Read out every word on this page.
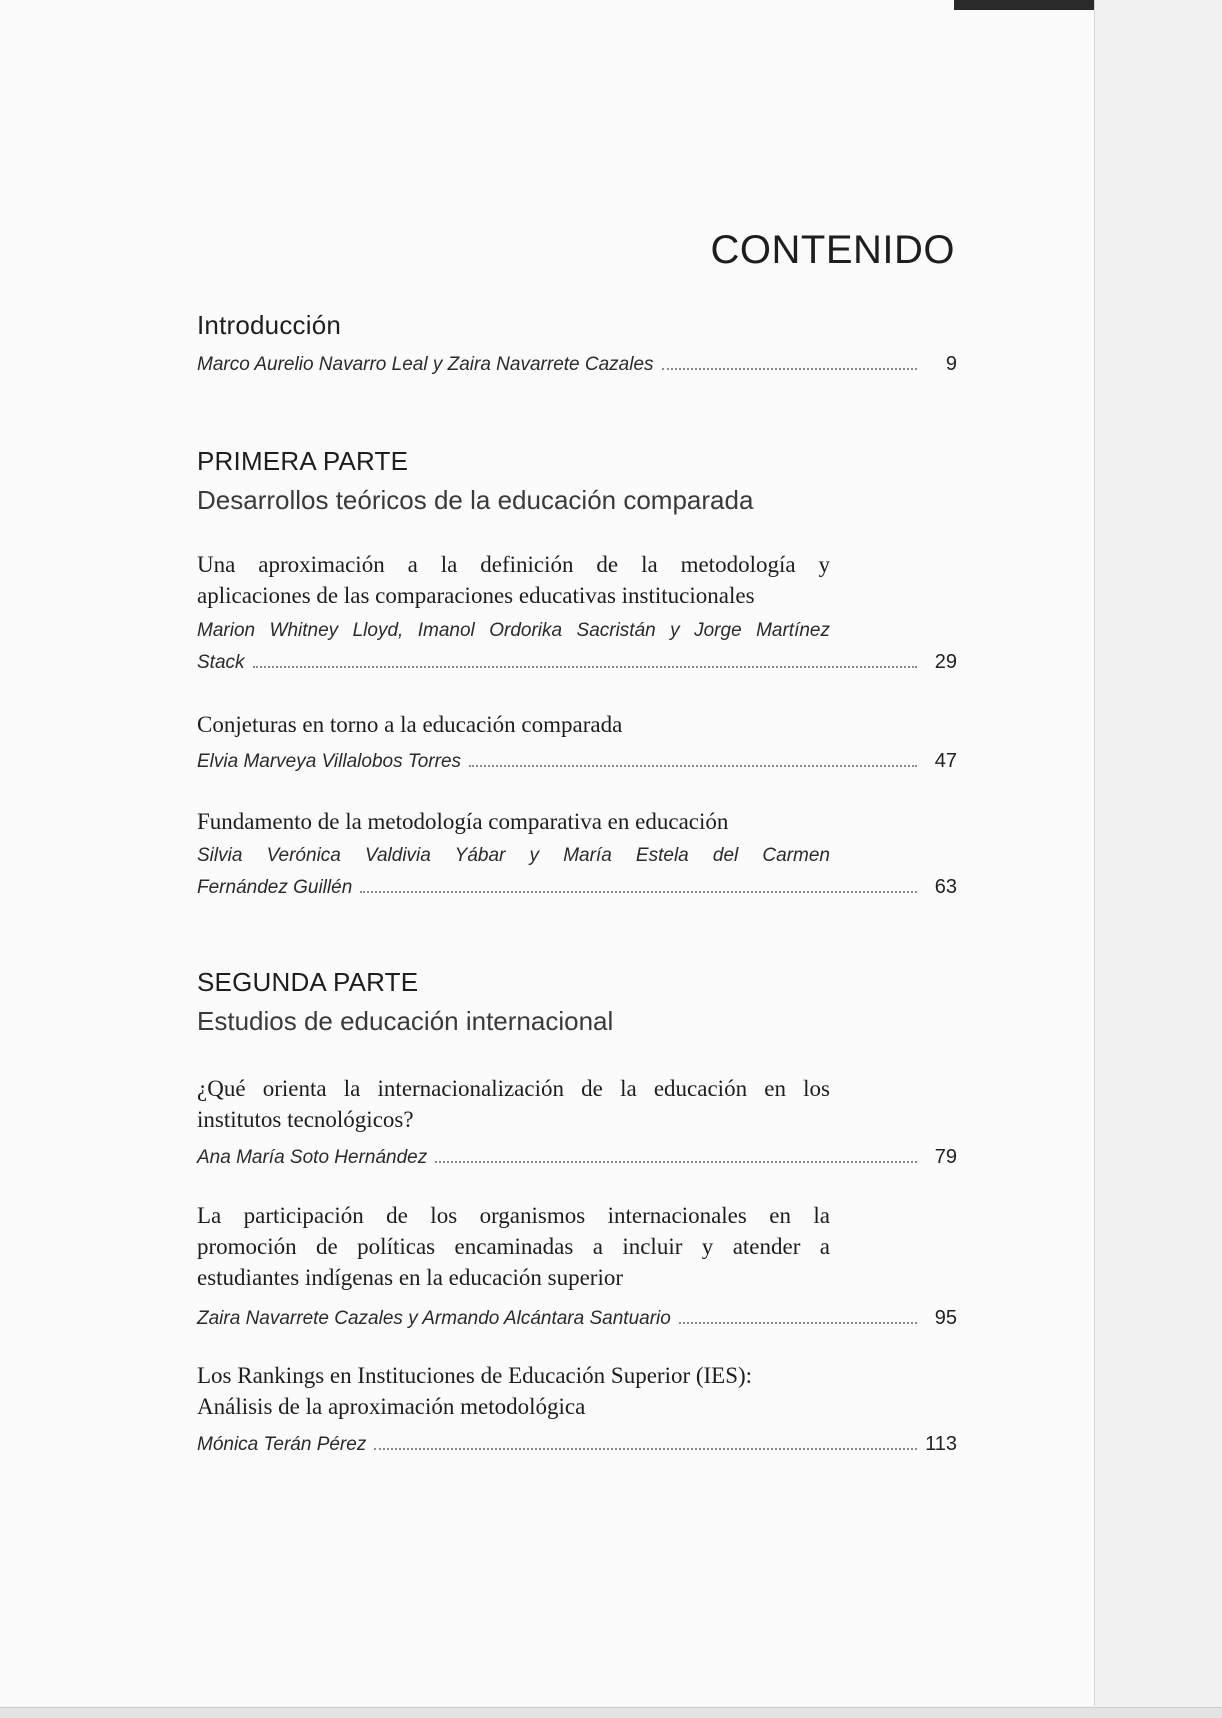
CONTENIDO
Introducción
Marco Aurelio Navarro Leal y Zaira Navarrete Cazales	9
PRIMERA PARTE
Desarrollos teóricos de la educación comparada
Una aproximación a la definición de la metodología y
aplicaciones de las comparaciones educativas institucionales
Marion Whitney Lloyd, Imanol Ordorika Sacristán y Jorge Martínez
Stack	29
Conjeturas en torno a la educación comparada
Elvia Marveya Villalobos Torres	47
Fundamento de la metodología comparativa en educación
Silvia Verónica Valdivia Yábar y María Estela del Carmen
Fernández Guillén	63
SEGUNDA PARTE
Estudios de educación internacional
¿Qué orienta la internacionalización de la educación en los
institutos tecnológicos?
Ana María Soto Hernández	79
La participación de los organismos internacionales en la
promoción de políticas encaminadas a incluir y atender a
estudiantes indígenas en la educación superior
Zaira Navarrete Cazales y Armando Alcántara Santuario	95
Los Rankings en Instituciones de Educación Superior (IES):
Análisis de la aproximación metodológica
Mónica Terán Pérez	113
